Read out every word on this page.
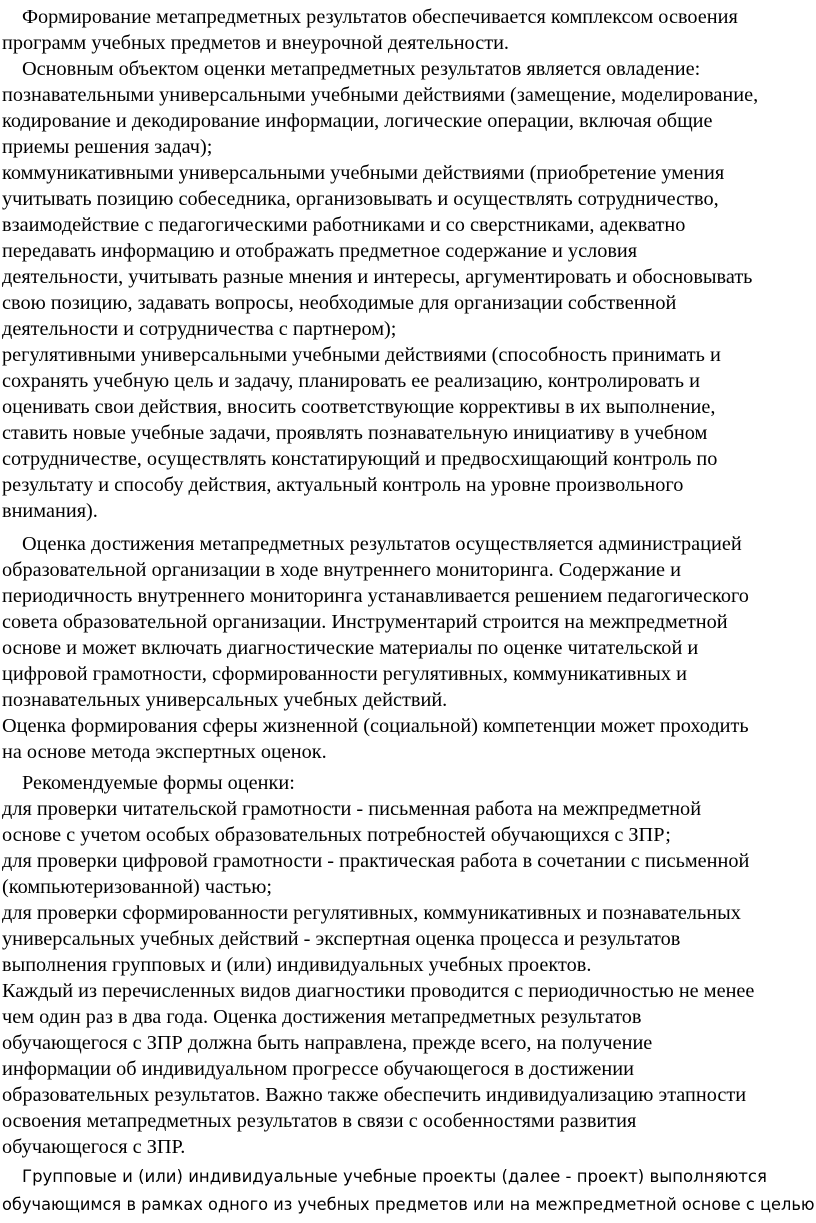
Формирование метапредметных результатов обеспечивается комплексом освоения
программ учебных предметов и внеурочной деятельности.
Основным объектом оценки метапредметных результатов является овладение:
познавательными универсальными учебными действиями (замещение, моделирование,
кодирование и декодирование информации, логические операции, включая общие
приемы решения задач);
коммуникативными универсальными учебными действиями (приобретение умения
учитывать позицию собеседника, организовывать и осуществлять сотрудничество,
взаимодействие с педагогическими работниками и со сверстниками, адекватно
передавать информацию и отображать предметное содержание и условия
деятельности, учитывать разные мнения и интересы, аргументировать и обосновывать
свою позицию, задавать вопросы, необходимые для организации собственной
деятельности и сотрудничества с партнером);
регулятивными универсальными учебными действиями (способность принимать и
сохранять учебную цель и задачу, планировать ее реализацию, контролировать и
оценивать свои действия, вносить соответствующие коррективы в их выполнение,
ставить новые учебные задачи, проявлять познавательную инициативу в учебном
сотрудничестве, осуществлять констатирующий и предвосхищающий контроль по
результату и способу действия, актуальный контроль на уровне произвольного
внимания).
Оценка достижения метапредметных результатов осуществляется администрацией
образовательной организации в ходе внутреннего мониторинга. Содержание и
периодичность внутреннего мониторинга устанавливается решением педагогического
совета образовательной организации. Инструментарий строится на межпредметной
основе и может включать диагностические материалы по оценке читательской и
цифровой грамотности, сформированности регулятивных, коммуникативных и
познавательных универсальных учебных действий.
Оценка формирования сферы жизненной (социальной) компетенции может проходить
на основе метода экспертных оценок.
Рекомендуемые формы оценки:
для проверки читательской грамотности - письменная работа на межпредметной
основе с учетом особых образовательных потребностей обучающихся с ЗПР;
для проверки цифровой грамотности - практическая работа в сочетании с письменной
(компьютеризованной) частью;
для проверки сформированности регулятивных, коммуникативных и познавательных
универсальных учебных действий - экспертная оценка процесса и результатов
выполнения групповых и (или) индивидуальных учебных проектов.
Каждый из перечисленных видов диагностики проводится с периодичностью не менее
чем один раз в два года. Оценка достижения метапредметных результатов
обучающегося с ЗПР должна быть направлена, прежде всего, на получение
информации об индивидуальном прогрессе обучающегося в достижении
образовательных результатов. Важно также обеспечить индивидуализацию этапности
освоения метапредметных результатов в связи с особенностями развития
обучающегося с ЗПР.
Групповые и (или) индивидуальные учебные проекты (далее - проект) выполняются
обучающимся в рамках одного из учебных предметов или на межпредметной основе с целью
